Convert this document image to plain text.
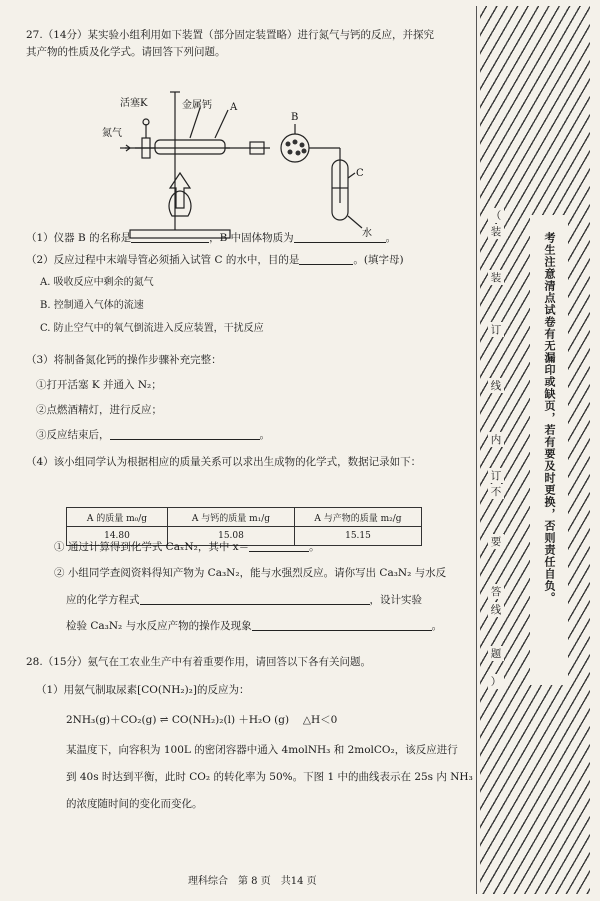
27.（14分）某实验小组利用如下装置（部分固定装置略）进行氮气与钙的反应，并探究
其产物的性质及化学式。请回答下列问题。
活塞K	金属钙 A
B
氮气
C
水
（1）仪器 B 的名称是	，B 中固体物质为	。
（2）反应过程中末端导管必须插入试管 C 的水中，目的是	。(填字母)
A. 吸收反应中剩余的氮气
B. 控制通入气体的流速
C. 防止空气中的氧气倒流进入反应装置，干扰反应
（3）将制备氮化钙的操作步骤补充完整：
①打开活塞 K 并通入 N₂；
②点燃酒精灯，进行反应；
③反应结束后，	。
（4）该小组同学认为根据相应的质量关系可以求出生成物的化学式，数据记录如下：
A 的质量 m₀/g	A 与钙的质量 m₁/g	A 与产物的质量 m₂/g
14.80	15.08	15.15
① 通过计算得到化学式 CaₓN₂，其中 x＝	。
② 小组同学查阅资料得知产物为 Ca₃N₂，能与水强烈反应。请你写出 Ca₃N₂ 与水反
应的化学方程式	，设计实验
检验 Ca₃N₂ 与水反应产物的操作及现象	。
28.（15分）氨气在工农业生产中有着重要作用，请回答以下各有关问题。
（1）用氨气制取尿素[CO(NH₂)₂]的反应为：
2NH₃(g)＋CO₂(g) ⇌ CO(NH₂)₂(l) ＋H₂O (g)　 △H＜0
某温度下，向容积为 100L 的密闭容器中通入 4molNH₃ 和 2molCO₂，该反应进行
到 40s 时达到平衡，此时 CO₂ 的转化率为 50%。下图 1 中的曲线表示在 25s 内 NH₃
的浓度随时间的变化而变化。
（
装
装
订
线
内
订
不
要
答
线
题
）
考生注意清点试卷有无漏印或缺页，若有要及时更换，否则责任自负。
理科综合　第 8 页　共14 页
